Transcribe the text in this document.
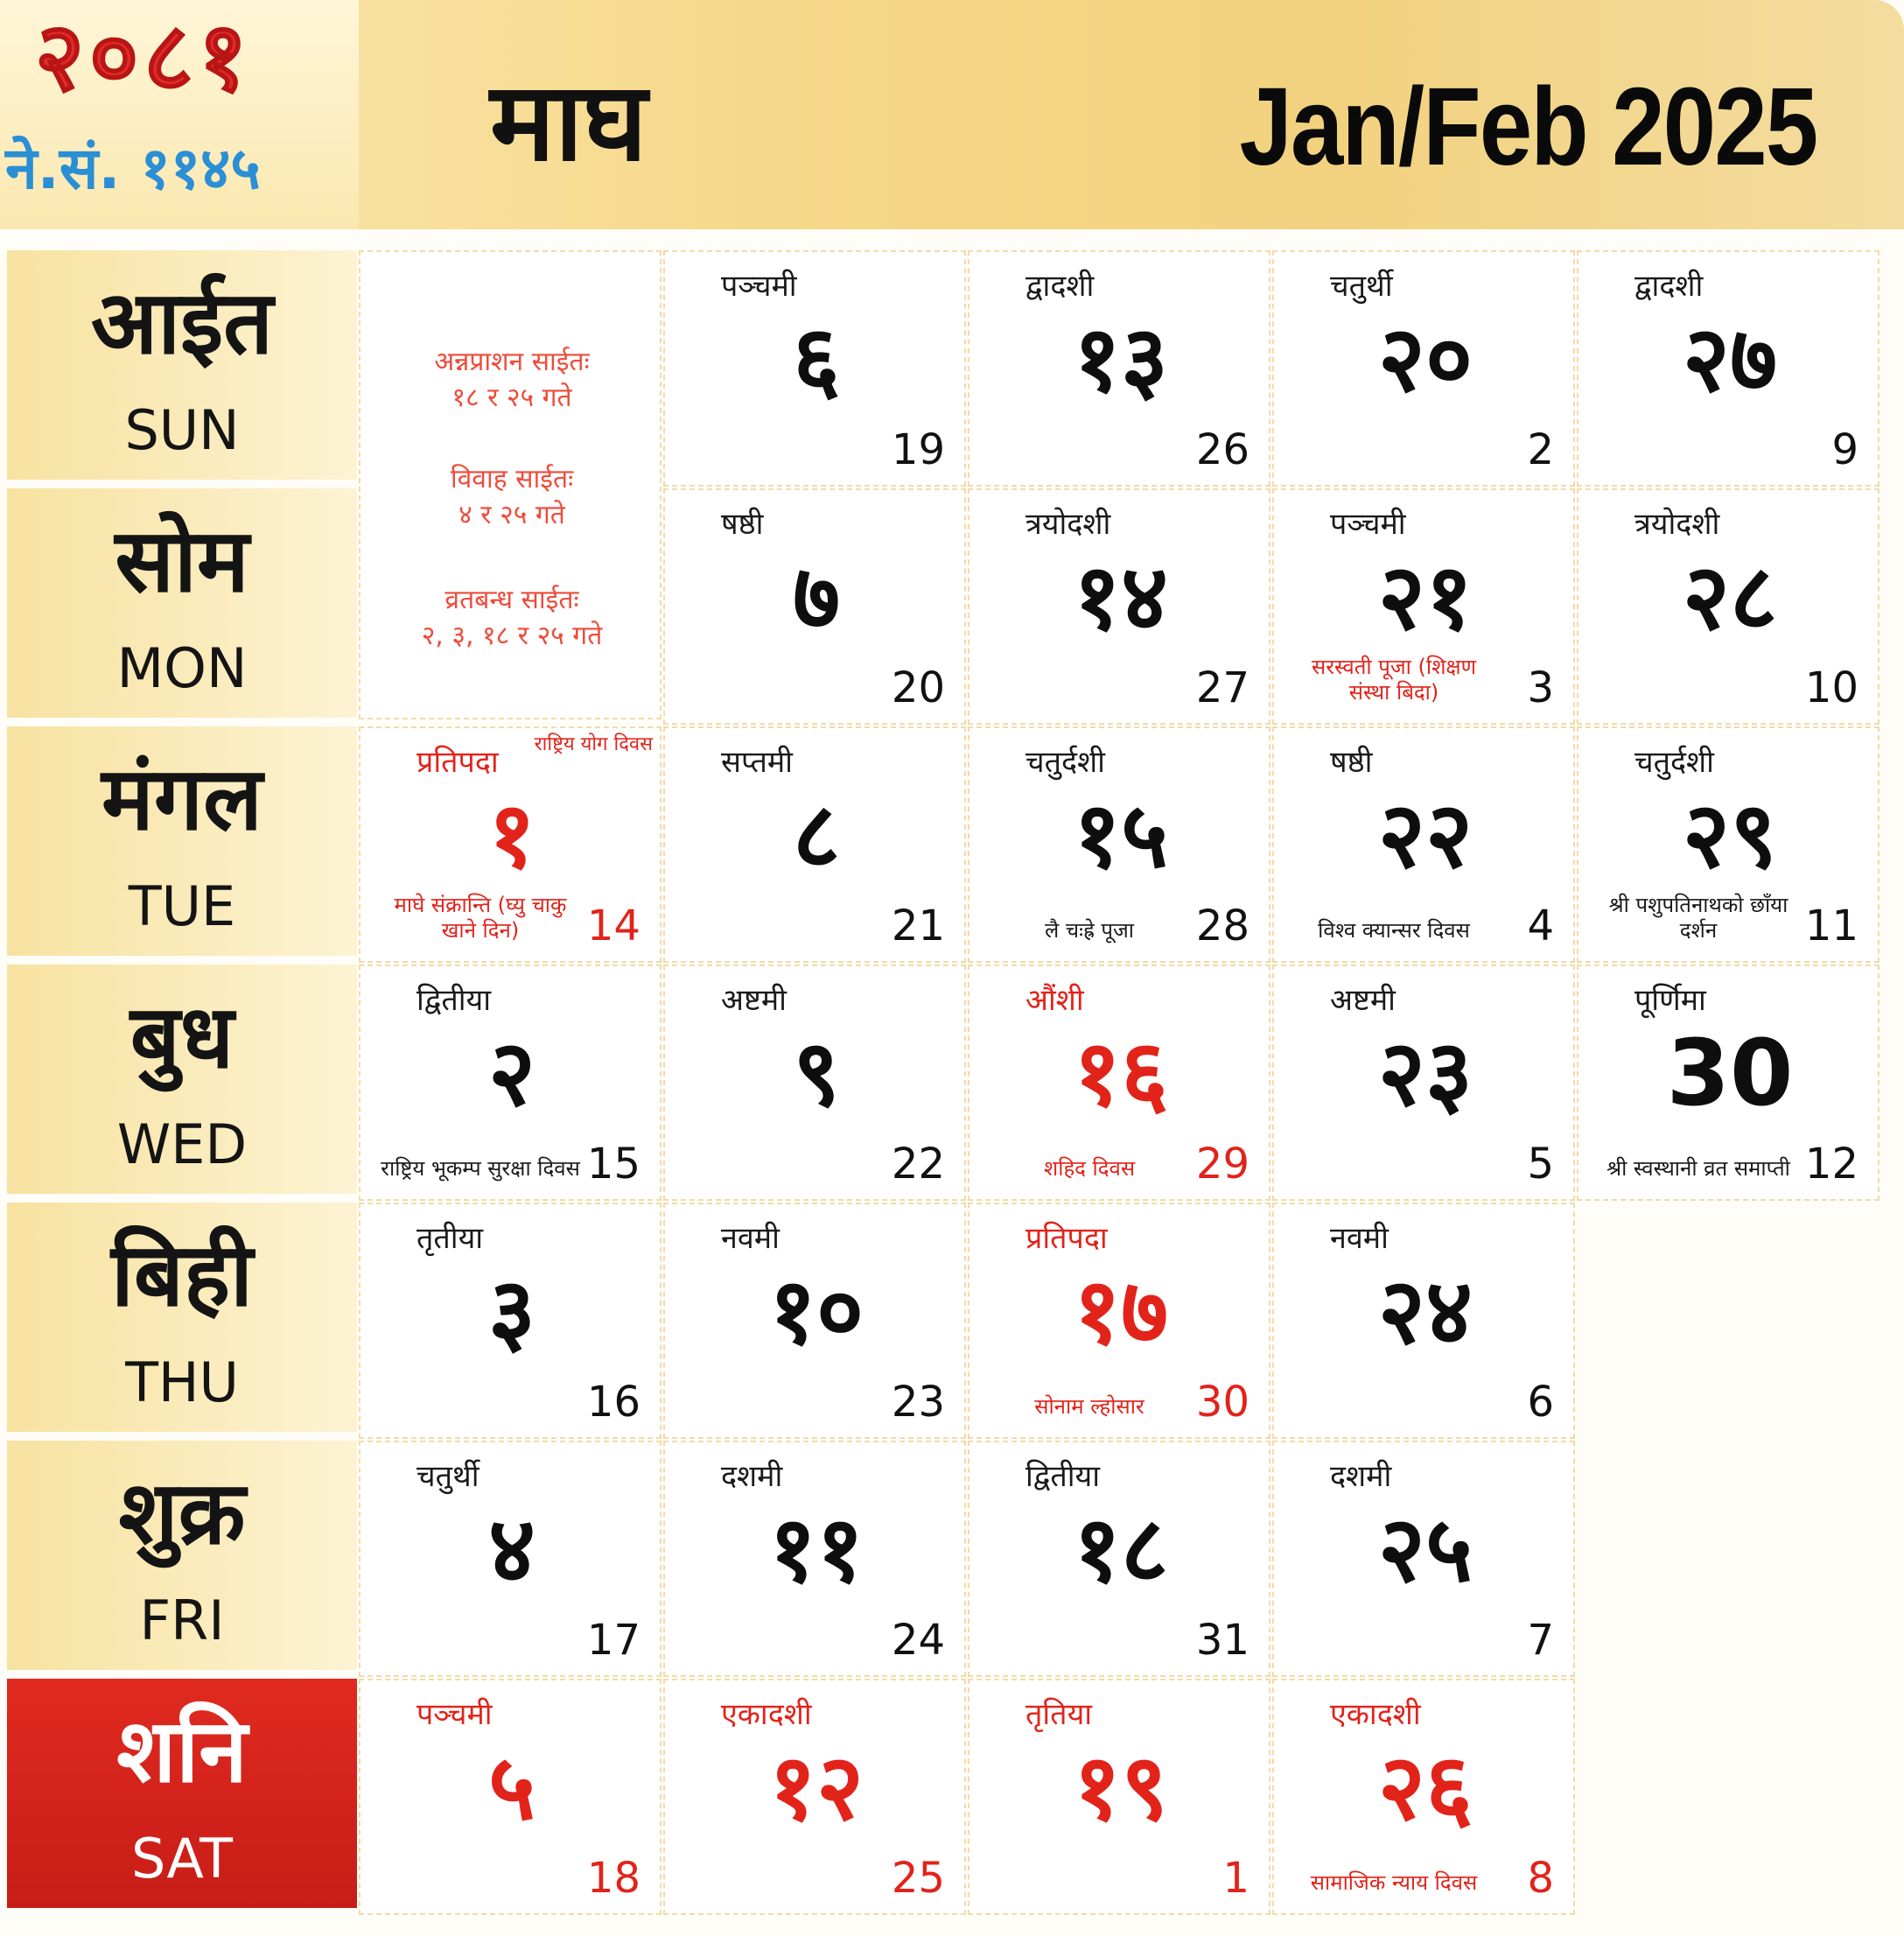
२०८१
ने.सं. ११४५ माघ	Jan/Feb 2025
आईत
SUN
सोम
MON
मंगल
TUE
बुध
WED
बिही
THU
शुक्र
FRI
शनि
SAT
अन्नप्राशन साईतः
१८ र २५ गते
विवाह साईतः
४ र २५ गते
व्रतबन्ध साईतः
२, ३, १८ र २५ गते
पञ्चमी
६
19
द्वादशी
१३
26
चतुर्थी
२०
2
द्वादशी
२७
9
षष्ठी
७
20
त्रयोदशी
१४
27
पञ्चमी
२१
3
सरस्वती पूजा (शिक्षण संस्था बिदा)
त्रयोदशी
२८
10
प्रतिपदा
१
14
माघे संक्रान्ति (घ्यु चाकु खाने दिन)
राष्ट्रिय योग दिवस
सप्तमी
८
21
चतुर्दशी
१५
28
लै चःह्रे पूजा
षष्ठी
२२
4
विश्व क्यान्सर दिवस
चतुर्दशी
२९
11
श्री पशुपतिनाथको छाँया दर्शन
द्वितीया
२
15
राष्ट्रिय भूकम्प सुरक्षा दिवस
अष्टमी
९
22
औंशी
१६
29
शहिद दिवस
अष्टमी
२३
5
पूर्णिमा
30
12
श्री स्वस्थानी व्रत समाप्ती
तृतीया
३
16
नवमी
१०
23
प्रतिपदा
१७
30
सोनाम ल्होसार
नवमी
२४
6
चतुर्थी
४
17
दशमी
११
24
द्वितीया
१८
31
दशमी
२५
7
पञ्चमी
५
18
एकादशी
१२
25
तृतिया
१९
1
एकादशी
२६
8
सामाजिक न्याय दिवस
